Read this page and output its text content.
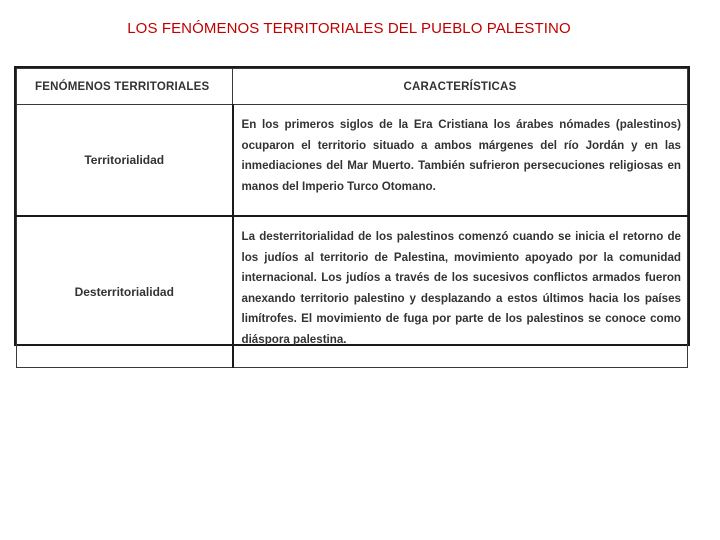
LOS FENÓMENOS TERRITORIALES DEL PUEBLO PALESTINO
FENÓMENOS TERRITORIALES	CARACTERÍSTICAS
Territorialidad	En los primeros siglos de la Era Cristiana los árabes nómades (palestinos) ocuparon el territorio situado a ambos márgenes del río Jordán y en las inmediaciones del Mar Muerto. También sufrieron persecuciones religiosas en manos del Imperio Turco Otomano.
Desterritorialidad	La desterritorialidad de los palestinos comenzó cuando se inicia el retorno de los judíos al territorio de Palestina, movimiento apoyado por la comunidad internacional. Los judíos a través de los sucesivos conflictos armados fueron anexando territorio palestino y desplazando a estos últimos hacia los países limítrofes. El movimiento de fuga por parte de los palestinos se conoce como diáspora palestina.
